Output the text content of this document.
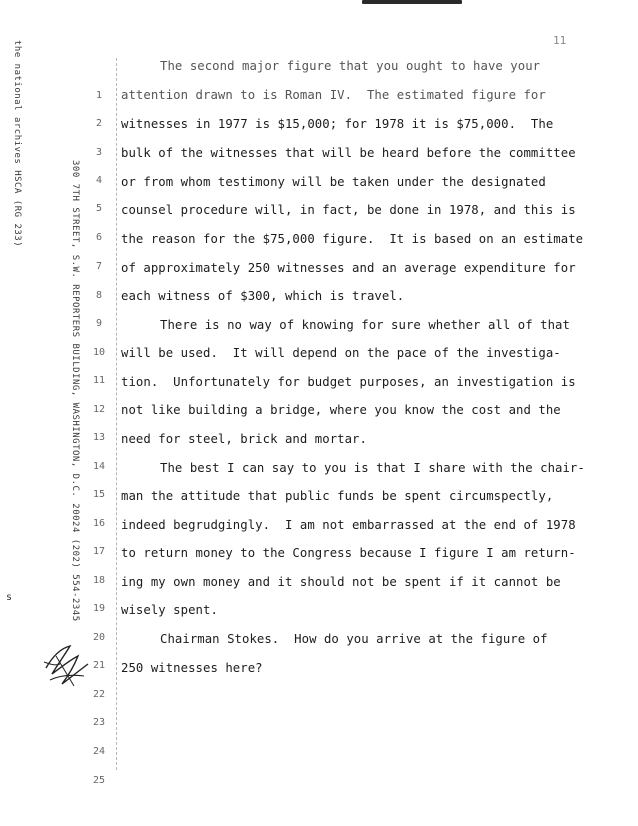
11
the national archives HSCA (RG 233)
300 7TH STREET, S.W. REPORTERS BUILDING, WASHINGTON, D.C. 20024 (202) 554-2345
s
1
2
3
4
5
6
7
8
9
10
11
12
13
14
15
16
17
18
19
20
21
22
23
24
25
The second major figure that you ought to have your
attention drawn to is Roman IV.  The estimated figure for
witnesses in 1977 is $15,000; for 1978 it is $75,000.  The
bulk of the witnesses that will be heard before the committee
or from whom testimony will be taken under the designated
counsel procedure will, in fact, be done in 1978, and this is
the reason for the $75,000 figure.  It is based on an estimate
of approximately 250 witnesses and an average expenditure for
each witness of $300, which is travel.
There is no way of knowing for sure whether all of that
will be used.  It will depend on the pace of the investiga-
tion.  Unfortunately for budget purposes, an investigation is
not like building a bridge, where you know the cost and the
need for steel, brick and mortar.
The best I can say to you is that I share with the chair-
man the attitude that public funds be spent circumspectly,
indeed begrudgingly.  I am not embarrassed at the end of 1978
to return money to the Congress because I figure I am return-
ing my own money and it should not be spent if it cannot be
wisely spent.
Chairman Stokes.  How do you arrive at the figure of
250 witnesses here?
